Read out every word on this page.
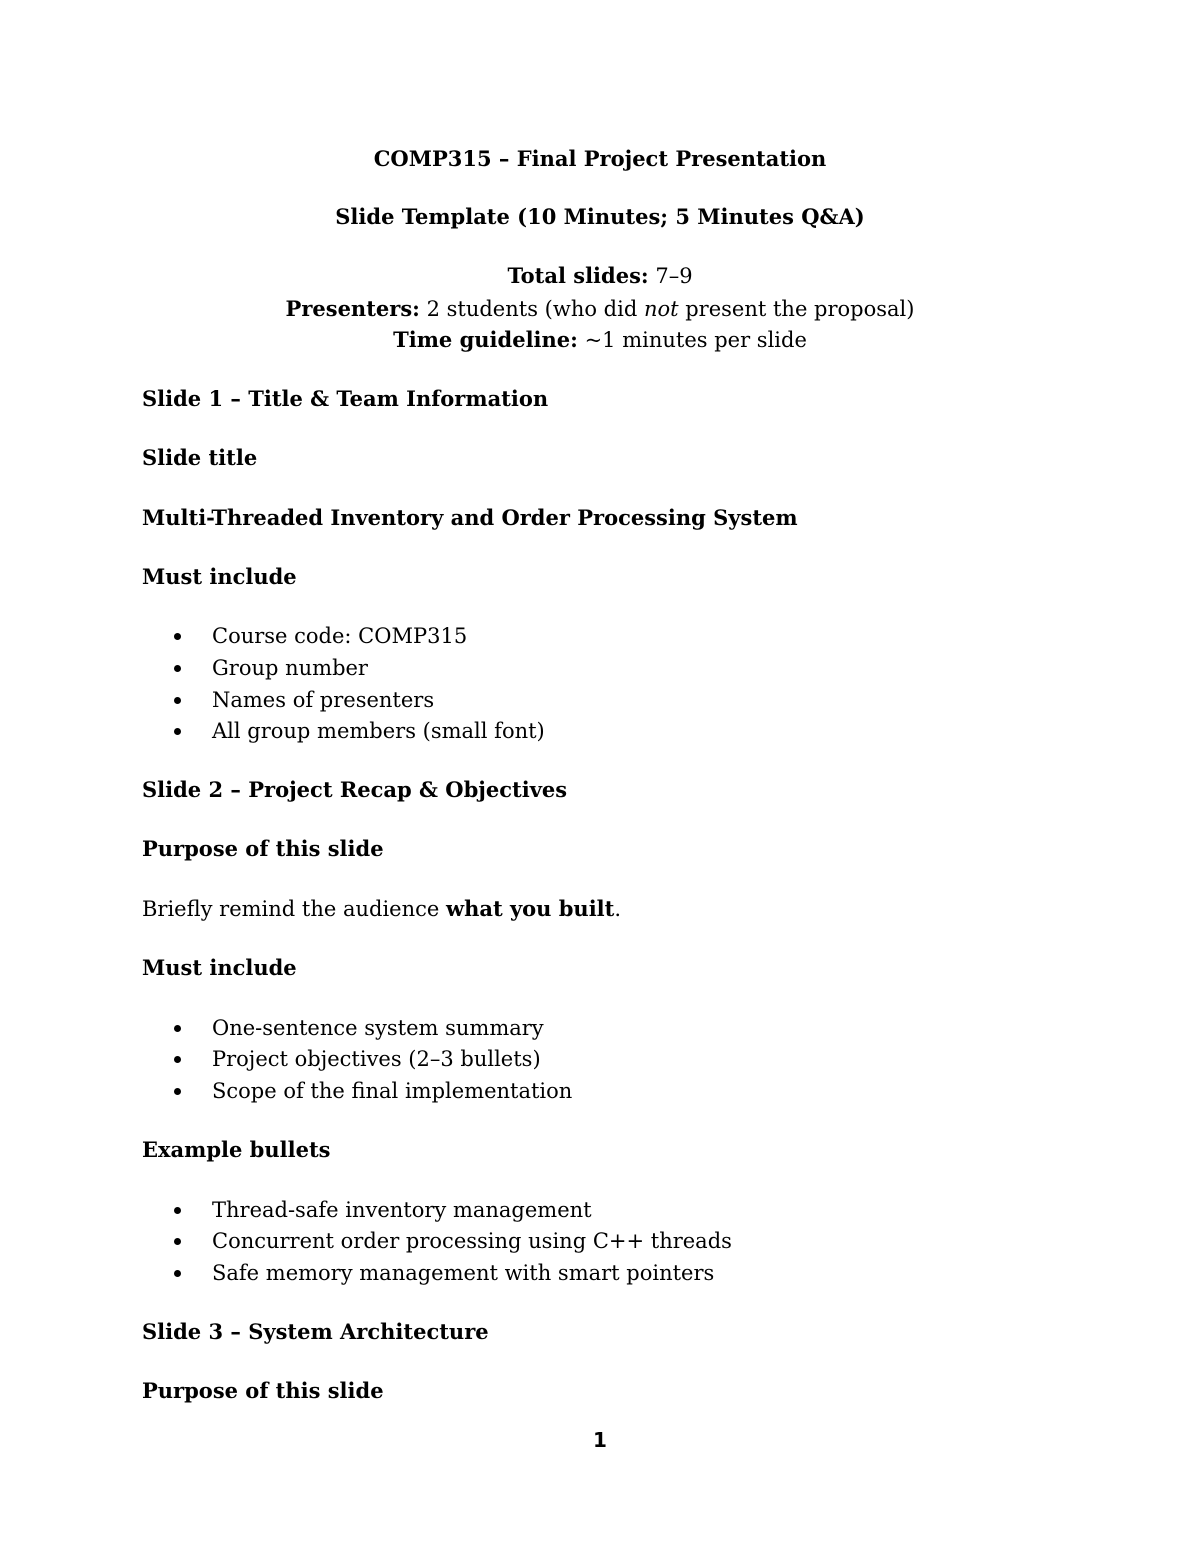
COMP315 – Final Project Presentation
Slide Template (10 Minutes; 5 Minutes Q&A)
Total slides: 7–9
Presenters: 2 students (who did not present the proposal)
Time guideline: ~1 minutes per slide
Slide 1 – Title & Team Information
Slide title
Multi-Threaded Inventory and Order Processing System
Must include
Course code: COMP315
Group number
Names of presenters
All group members (small font)
Slide 2 – Project Recap & Objectives
Purpose of this slide
Briefly remind the audience what you built.
Must include
One-sentence system summary
Project objectives (2–3 bullets)
Scope of the final implementation
Example bullets
Thread-safe inventory management
Concurrent order processing using C++ threads
Safe memory management with smart pointers
Slide 3 – System Architecture
Purpose of this slide
1
